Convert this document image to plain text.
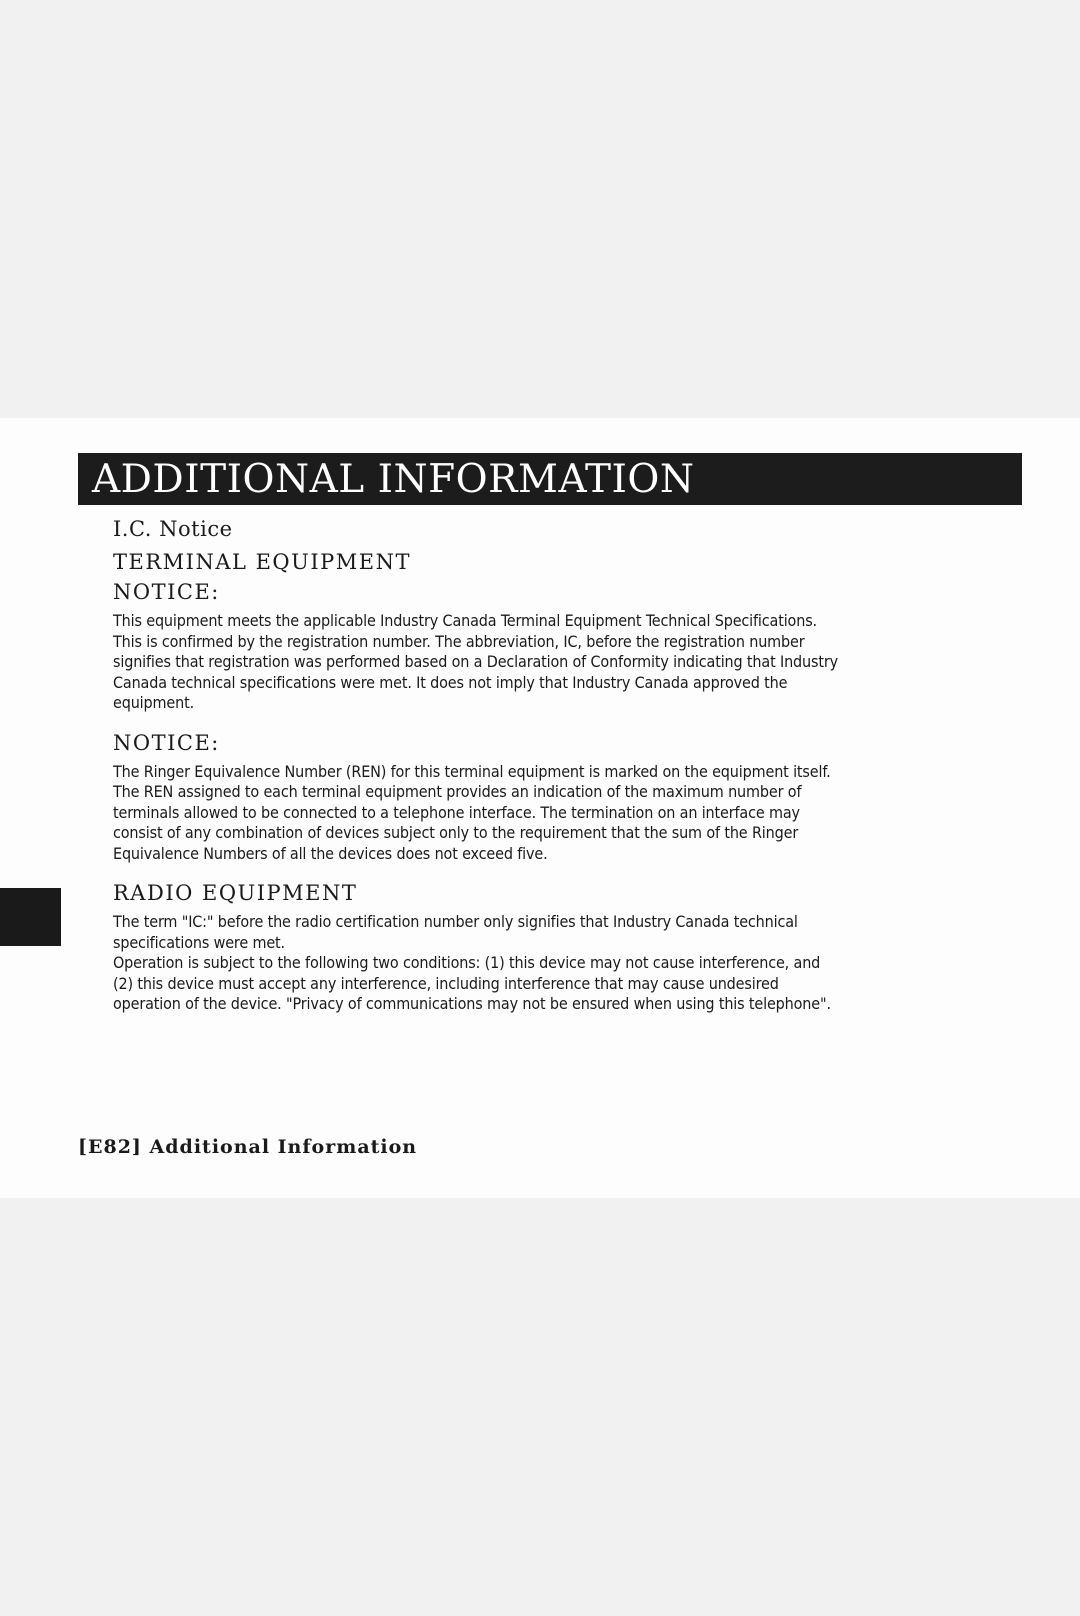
ADDITIONAL INFORMATION

I.C. Notice

TERMINAL EQUIPMENT
NOTICE:

This equipment meets the applicable Industry Canada Terminal Equipment Technical Specifications.
This is confirmed by the registration number. The abbreviation, IC, before the registration number
signifies that registration was performed based on a Declaration of Conformity indicating that Industry
Canada technical specifications were met. It does not imply that Industry Canada approved the
equipment.

NOTICE:

The Ringer Equivalence Number (REN) for this terminal equipment is marked on the equipment itself.
The REN assigned to each terminal equipment provides an indication of the maximum number of
terminals allowed to be connected to a telephone interface. The termination on an interface may
consist of any combination of devices subject only to the requirement that the sum of the Ringer
Equivalence Numbers of all the devices does not exceed five.

RADIO EQUIPMENT

The term "IC:" before the radio certification number only signifies that Industry Canada technical
specifications were met.

Operation is subject to the following two conditions: (1) this device may not cause interference, and
(2) this device must accept any interference, including interference that may cause undesired
operation of the device. "Privacy of communications may not be ensured when using this telephone".

[E82] Additional Information
